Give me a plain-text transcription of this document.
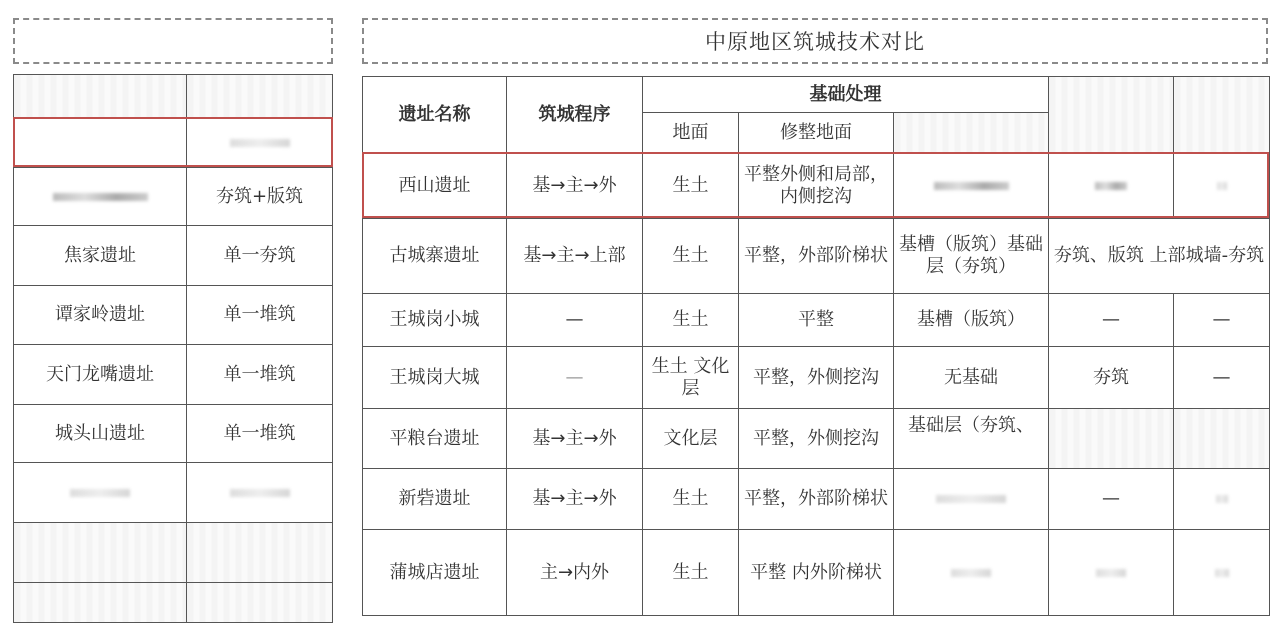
中原地区筑城技术对比

	夯筑+版筑
焦家遗址	单一夯筑
谭家岭遗址	单一堆筑
天门龙嘴遗址	单一堆筑
城头山遗址	单一堆筑

遗址名称	筑城程序	基础处理				
		地面	修整地面			
西山遗址	基→主→外	生土	平整外侧和局部，内侧挖沟			
古城寨遗址	基→主→上部	生土	平整，外部阶梯状	基槽（版筑）基础层（夯筑）	夯筑、版筑 上部城墙-夯筑	
王城岗小城	—	生土	平整	基槽（版筑）	—	—
王城岗大城	—	生土 文化层	平整，外侧挖沟	无基础	夯筑	—
平粮台遗址	基→主→外	文化层	平整，外侧挖沟	基础层（夯筑、		
新砦遗址	基→主→外	生土	平整，外部阶梯状		—	
蒲城店遗址	主→内外	生土	平整 内外阶梯状			
